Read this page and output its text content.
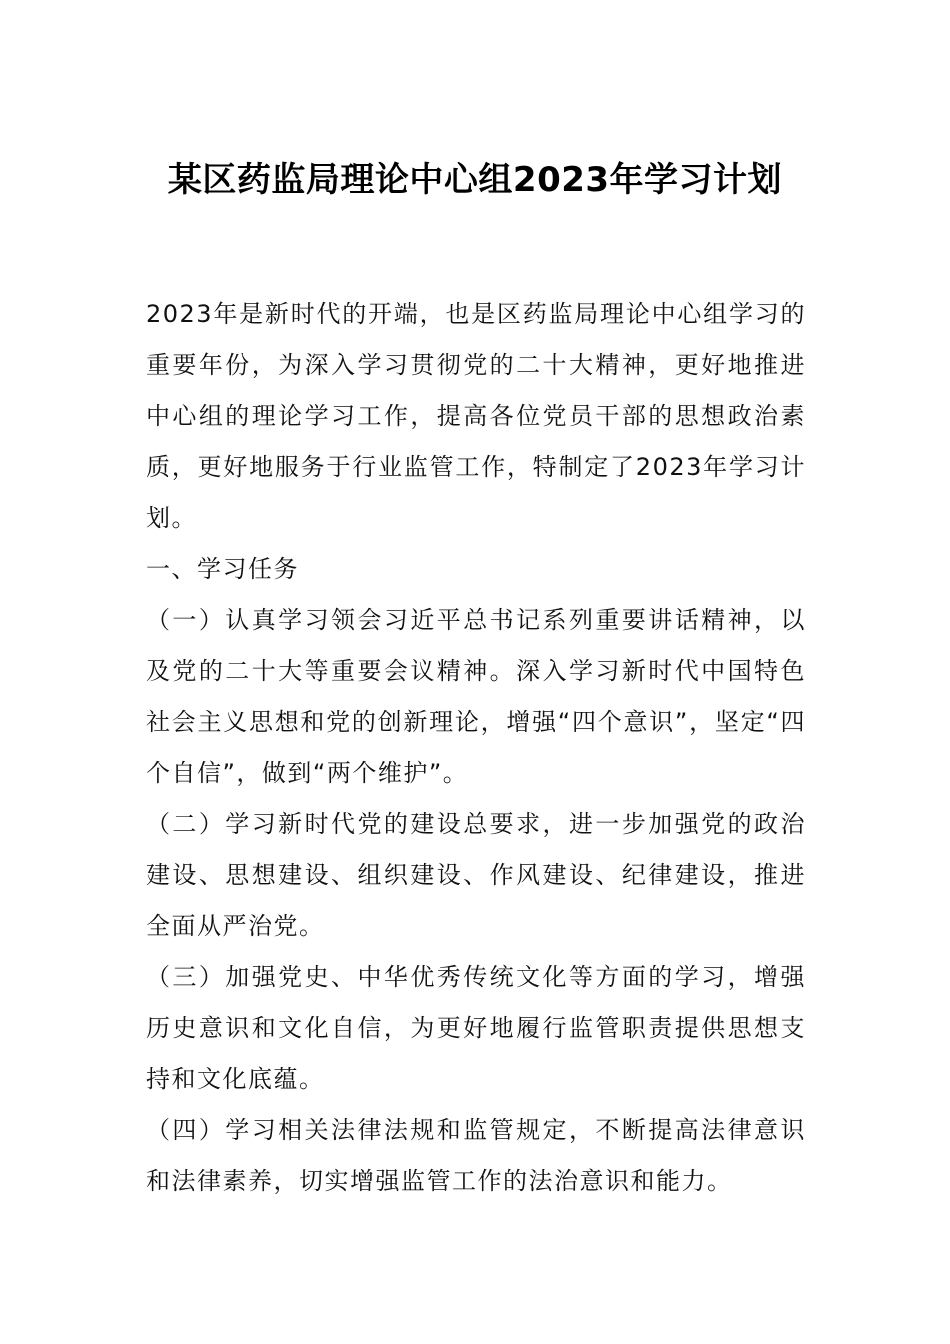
某区药监局理论中心组2023年学习计划

2023年是新时代的开端，也是区药监局理论中心组学习的重要年份，为深入学习贯彻党的二十大精神，更好地推进中心组的理论学习工作，提高各位党员干部的思想政治素质，更好地服务于行业监管工作，特制定了2023年学习计划。

一、学习任务

（一）认真学习领会习近平总书记系列重要讲话精神，以及党的二十大等重要会议精神。深入学习新时代中国特色社会主义思想和党的创新理论，增强“四个意识”，坚定“四个自信”，做到“两个维护”。

（二）学习新时代党的建设总要求，进一步加强党的政治建设、思想建设、组织建设、作风建设、纪律建设，推进全面从严治党。

（三）加强党史、中华优秀传统文化等方面的学习，增强历史意识和文化自信，为更好地履行监管职责提供思想支持和文化底蕴。

（四）学习相关法律法规和监管规定，不断提高法律意识和法律素养，切实增强监管工作的法治意识和能力。
